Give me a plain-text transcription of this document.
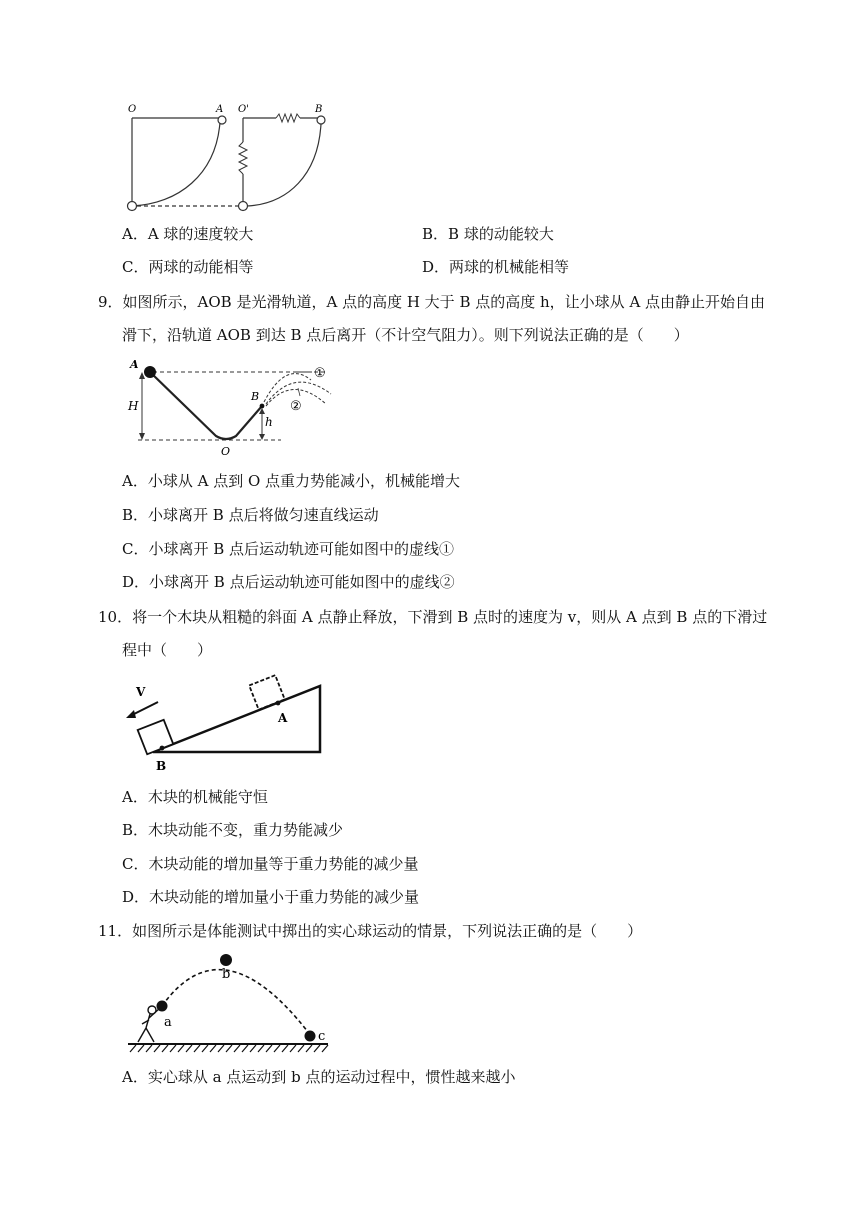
O	A O'	B
A．A 球的速度较大	B．B 球的动能较大
C．两球的动能相等	D．两球的机械能相等
9．如图所示，AOB 是光滑轨道，A 点的高度 H 大于 B 点的高度 h，让小球从 A 点由静止开始自由
滑下，沿轨道 AOB 到达 B 点后离开（不计空气阻力）。则下列说法正确的是（　　）
A
H
B
h
O
①
②
A．小球从 A 点到 O 点重力势能减小，机械能增大
B．小球离开 B 点后将做匀速直线运动
C．小球离开 B 点后运动轨迹可能如图中的虚线①
D．小球离开 B 点后运动轨迹可能如图中的虚线②
10．将一个木块从粗糙的斜面 A 点静止释放，下滑到 B 点时的速度为 v，则从 A 点到 B 点的下滑过
程中（　　）
V
A
B
A．木块的机械能守恒
B．木块动能不变，重力势能减少
C．木块动能的增加量等于重力势能的减少量
D．木块动能的增加量小于重力势能的减少量
11．如图所示是体能测试中掷出的实心球运动的情景，下列说法正确的是（　　）
a
b
c
A．实心球从 a 点运动到 b 点的运动过程中，惯性越来越小
